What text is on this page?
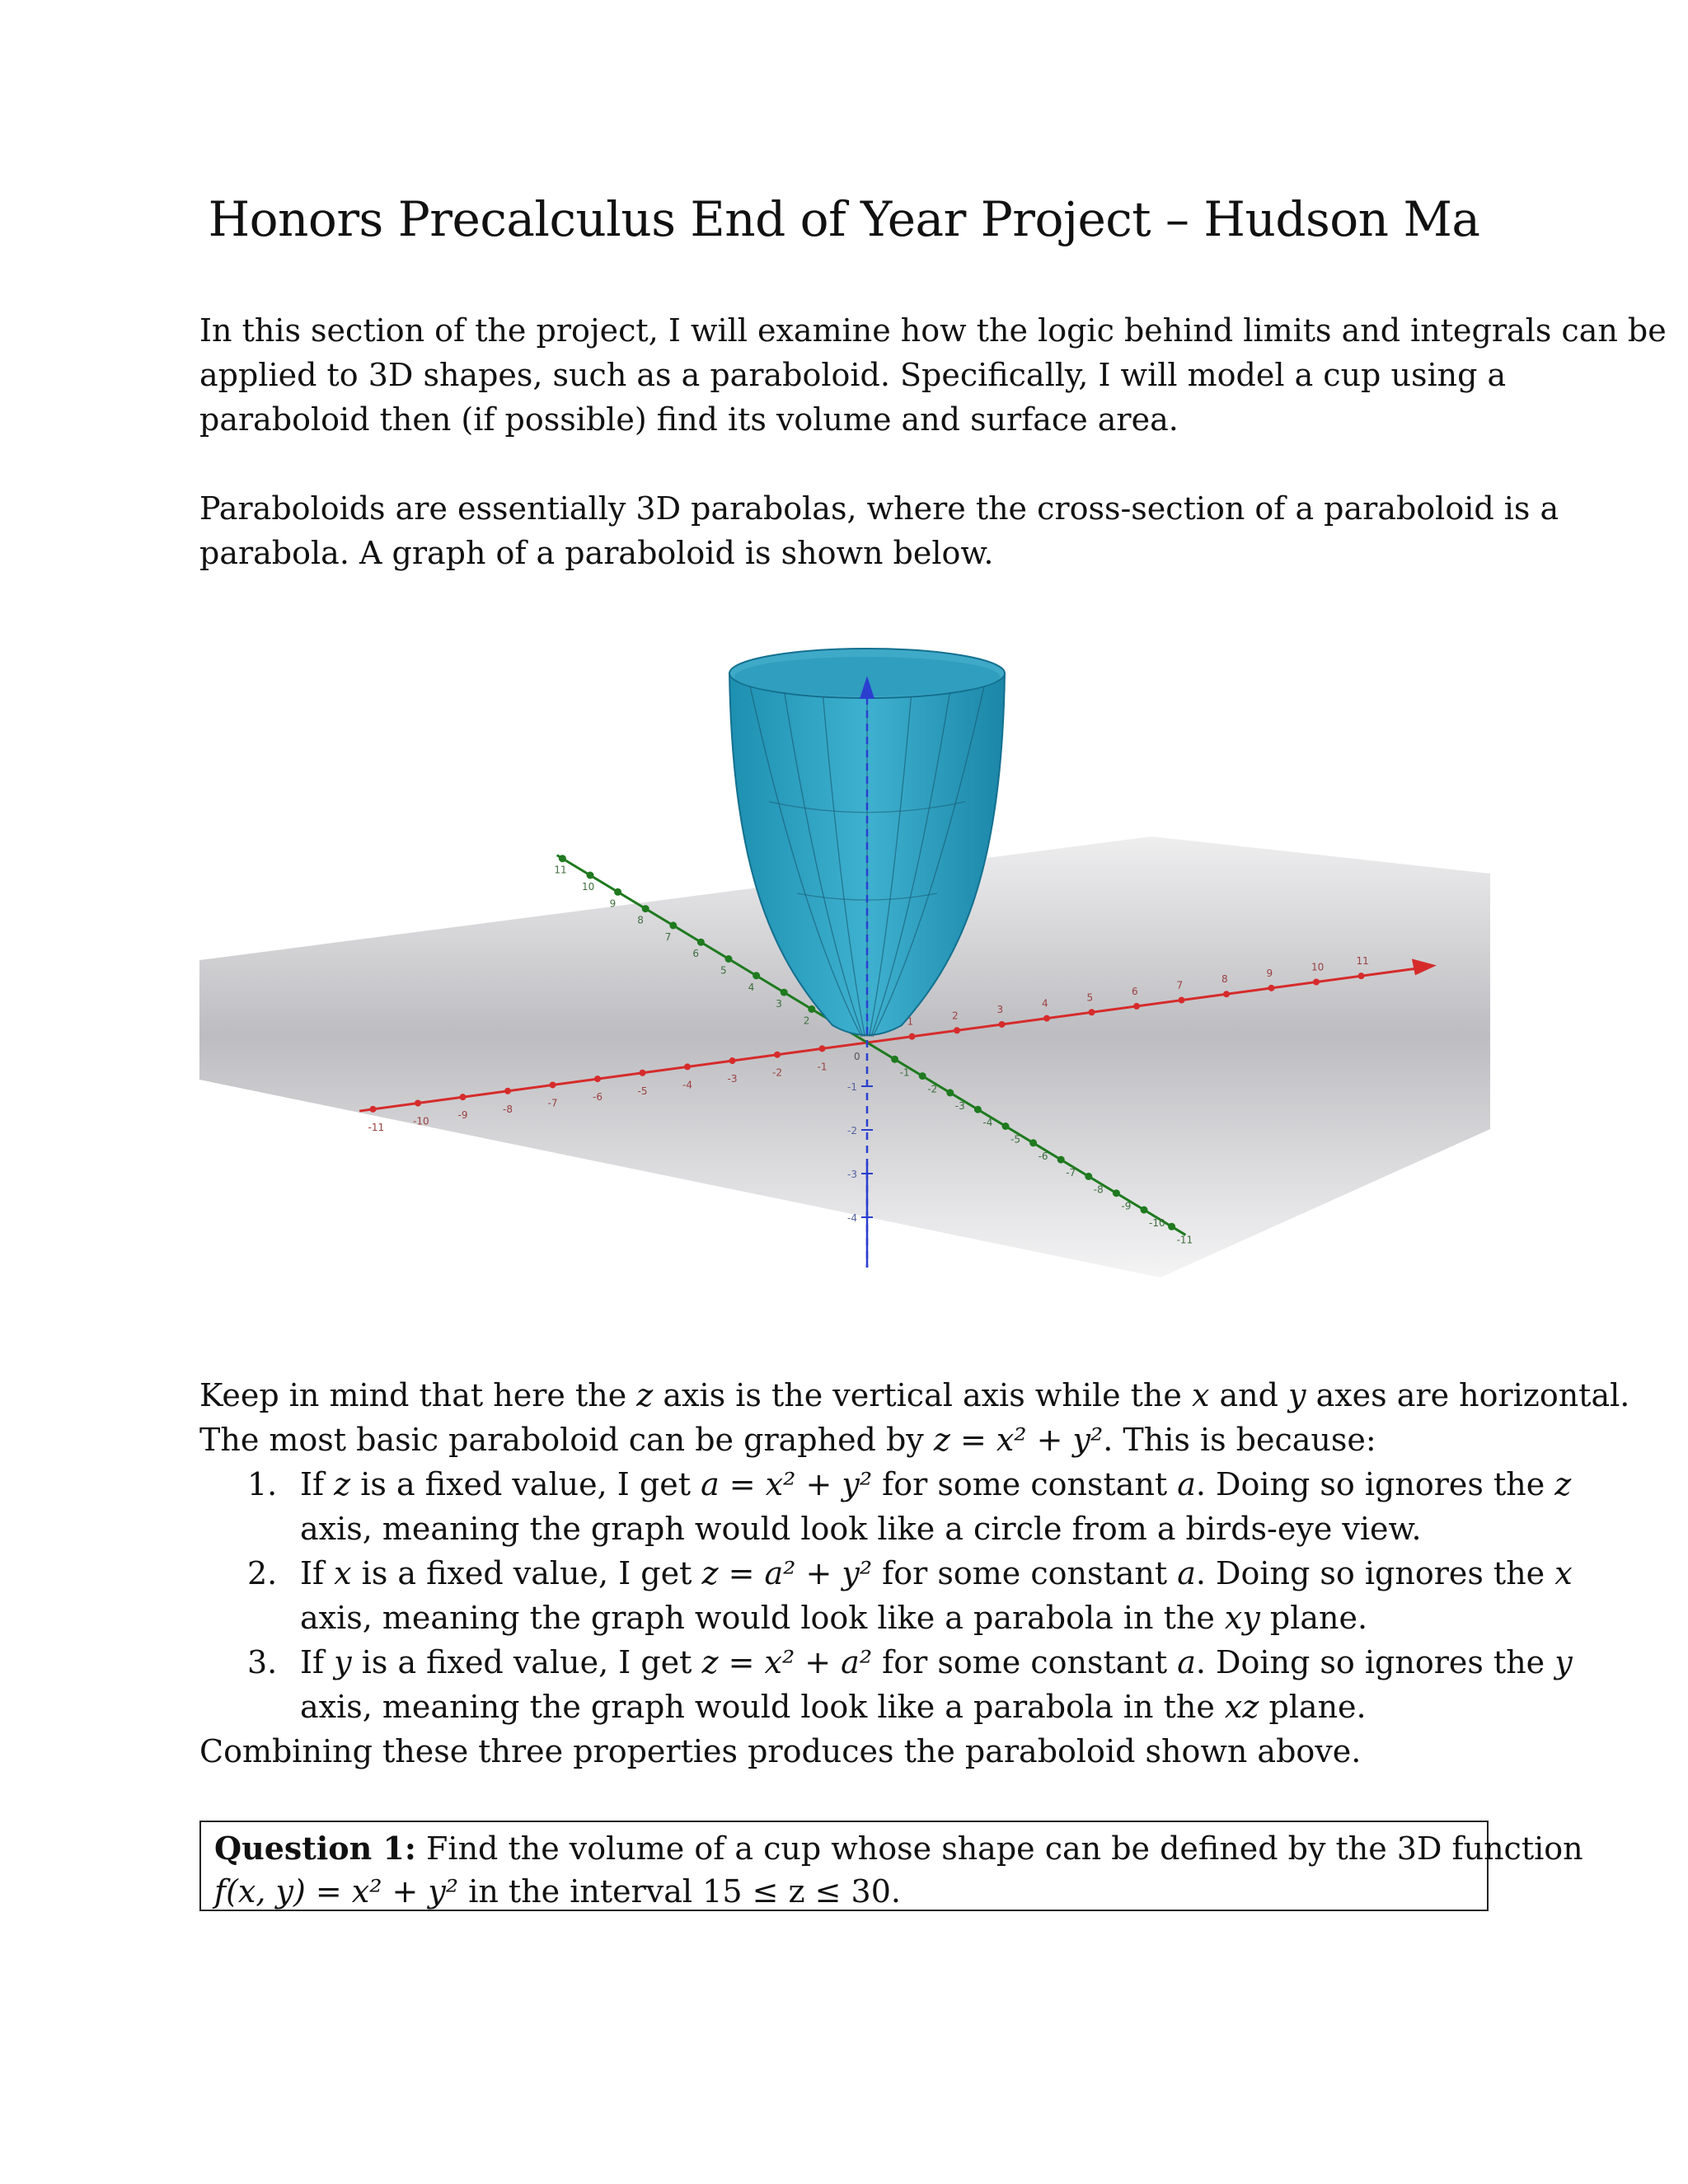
Honors Precalculus End of Year Project – Hudson Ma

In this section of the project, I will examine how the logic behind limits and integrals can be
applied to 3D shapes, such as a paraboloid. Specifically, I will model a cup using a
paraboloid then (if possible) find its volume and surface area.

Paraboloids are essentially 3D parabolas, where the cross-section of a paraboloid is a
parabola. A graph of a paraboloid is shown below.

-11
-10
-9
-8
-7
-6
-5
-4
-3
-2
-1
1
2
3
4
5
6
7
8
9
10
11
11
10
9
8
7
6
5
4
3
2
-1
-2
-3
-4
-5
-6
-7
-8
-9
-10
-11
-1
-2
-3
-4
0

Keep in mind that here the z axis is the vertical axis while the x and y axes are horizontal.
The most basic paraboloid can be graphed by z = x² + y². This is because:

1. If z is a fixed value, I get a = x² + y² for some constant a. Doing so ignores the z
axis, meaning the graph would look like a circle from a birds-eye view.
2. If x is a fixed value, I get z = a² + y² for some constant a. Doing so ignores the x
axis, meaning the graph would look like a parabola in the xy plane.
3. If y is a fixed value, I get z = x² + a² for some constant a. Doing so ignores the y
axis, meaning the graph would look like a parabola in the xz plane.

Combining these three properties produces the paraboloid shown above.

Question 1: Find the volume of a cup whose shape can be defined by the 3D function
f(x, y) = x² + y² in the interval 15 ≤ z ≤ 30.
